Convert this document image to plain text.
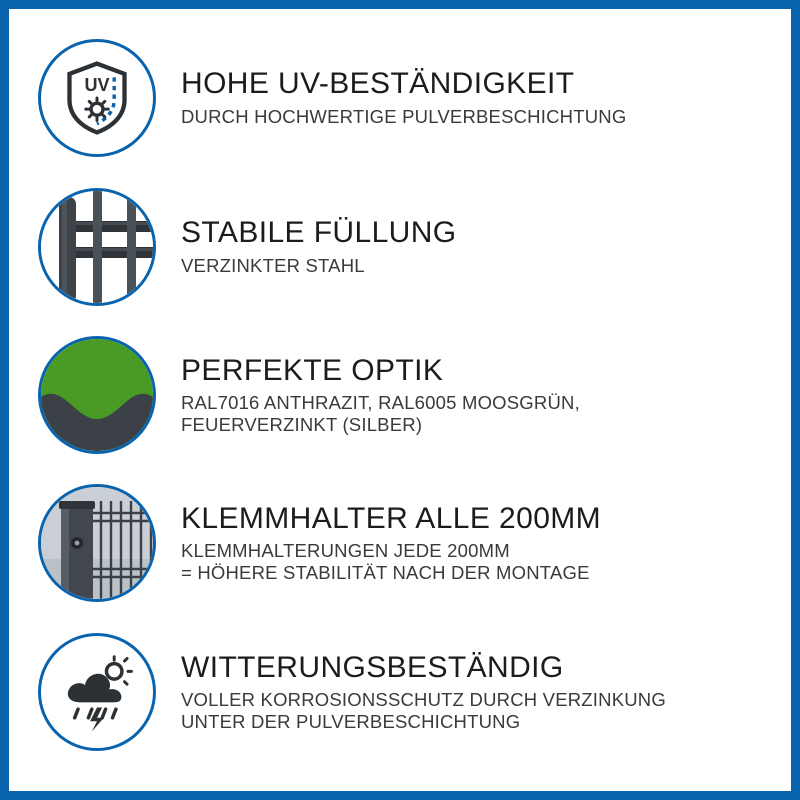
UV HOHE UV-BESTÄNDIGKEIT
DURCH HOCHWERTIGE PULVERBESCHICHTUNG
STABILE FÜLLUNG
VERZINKTER STAHL
PERFEKTE OPTIK
RAL7016 ANTHRAZIT, RAL6005 MOOSGRÜN,
FEUERVERZINKT (SILBER)
KLEMMHALTER ALLE 200MM
KLEMMHALTERUNGEN JEDE 200MM
= HÖHERE STABILITÄT NACH DER MONTAGE
WITTERUNGSBESTÄNDIG
VOLLER KORROSIONSSCHUTZ DURCH VERZINKUNG
UNTER DER PULVERBESCHICHTUNG
